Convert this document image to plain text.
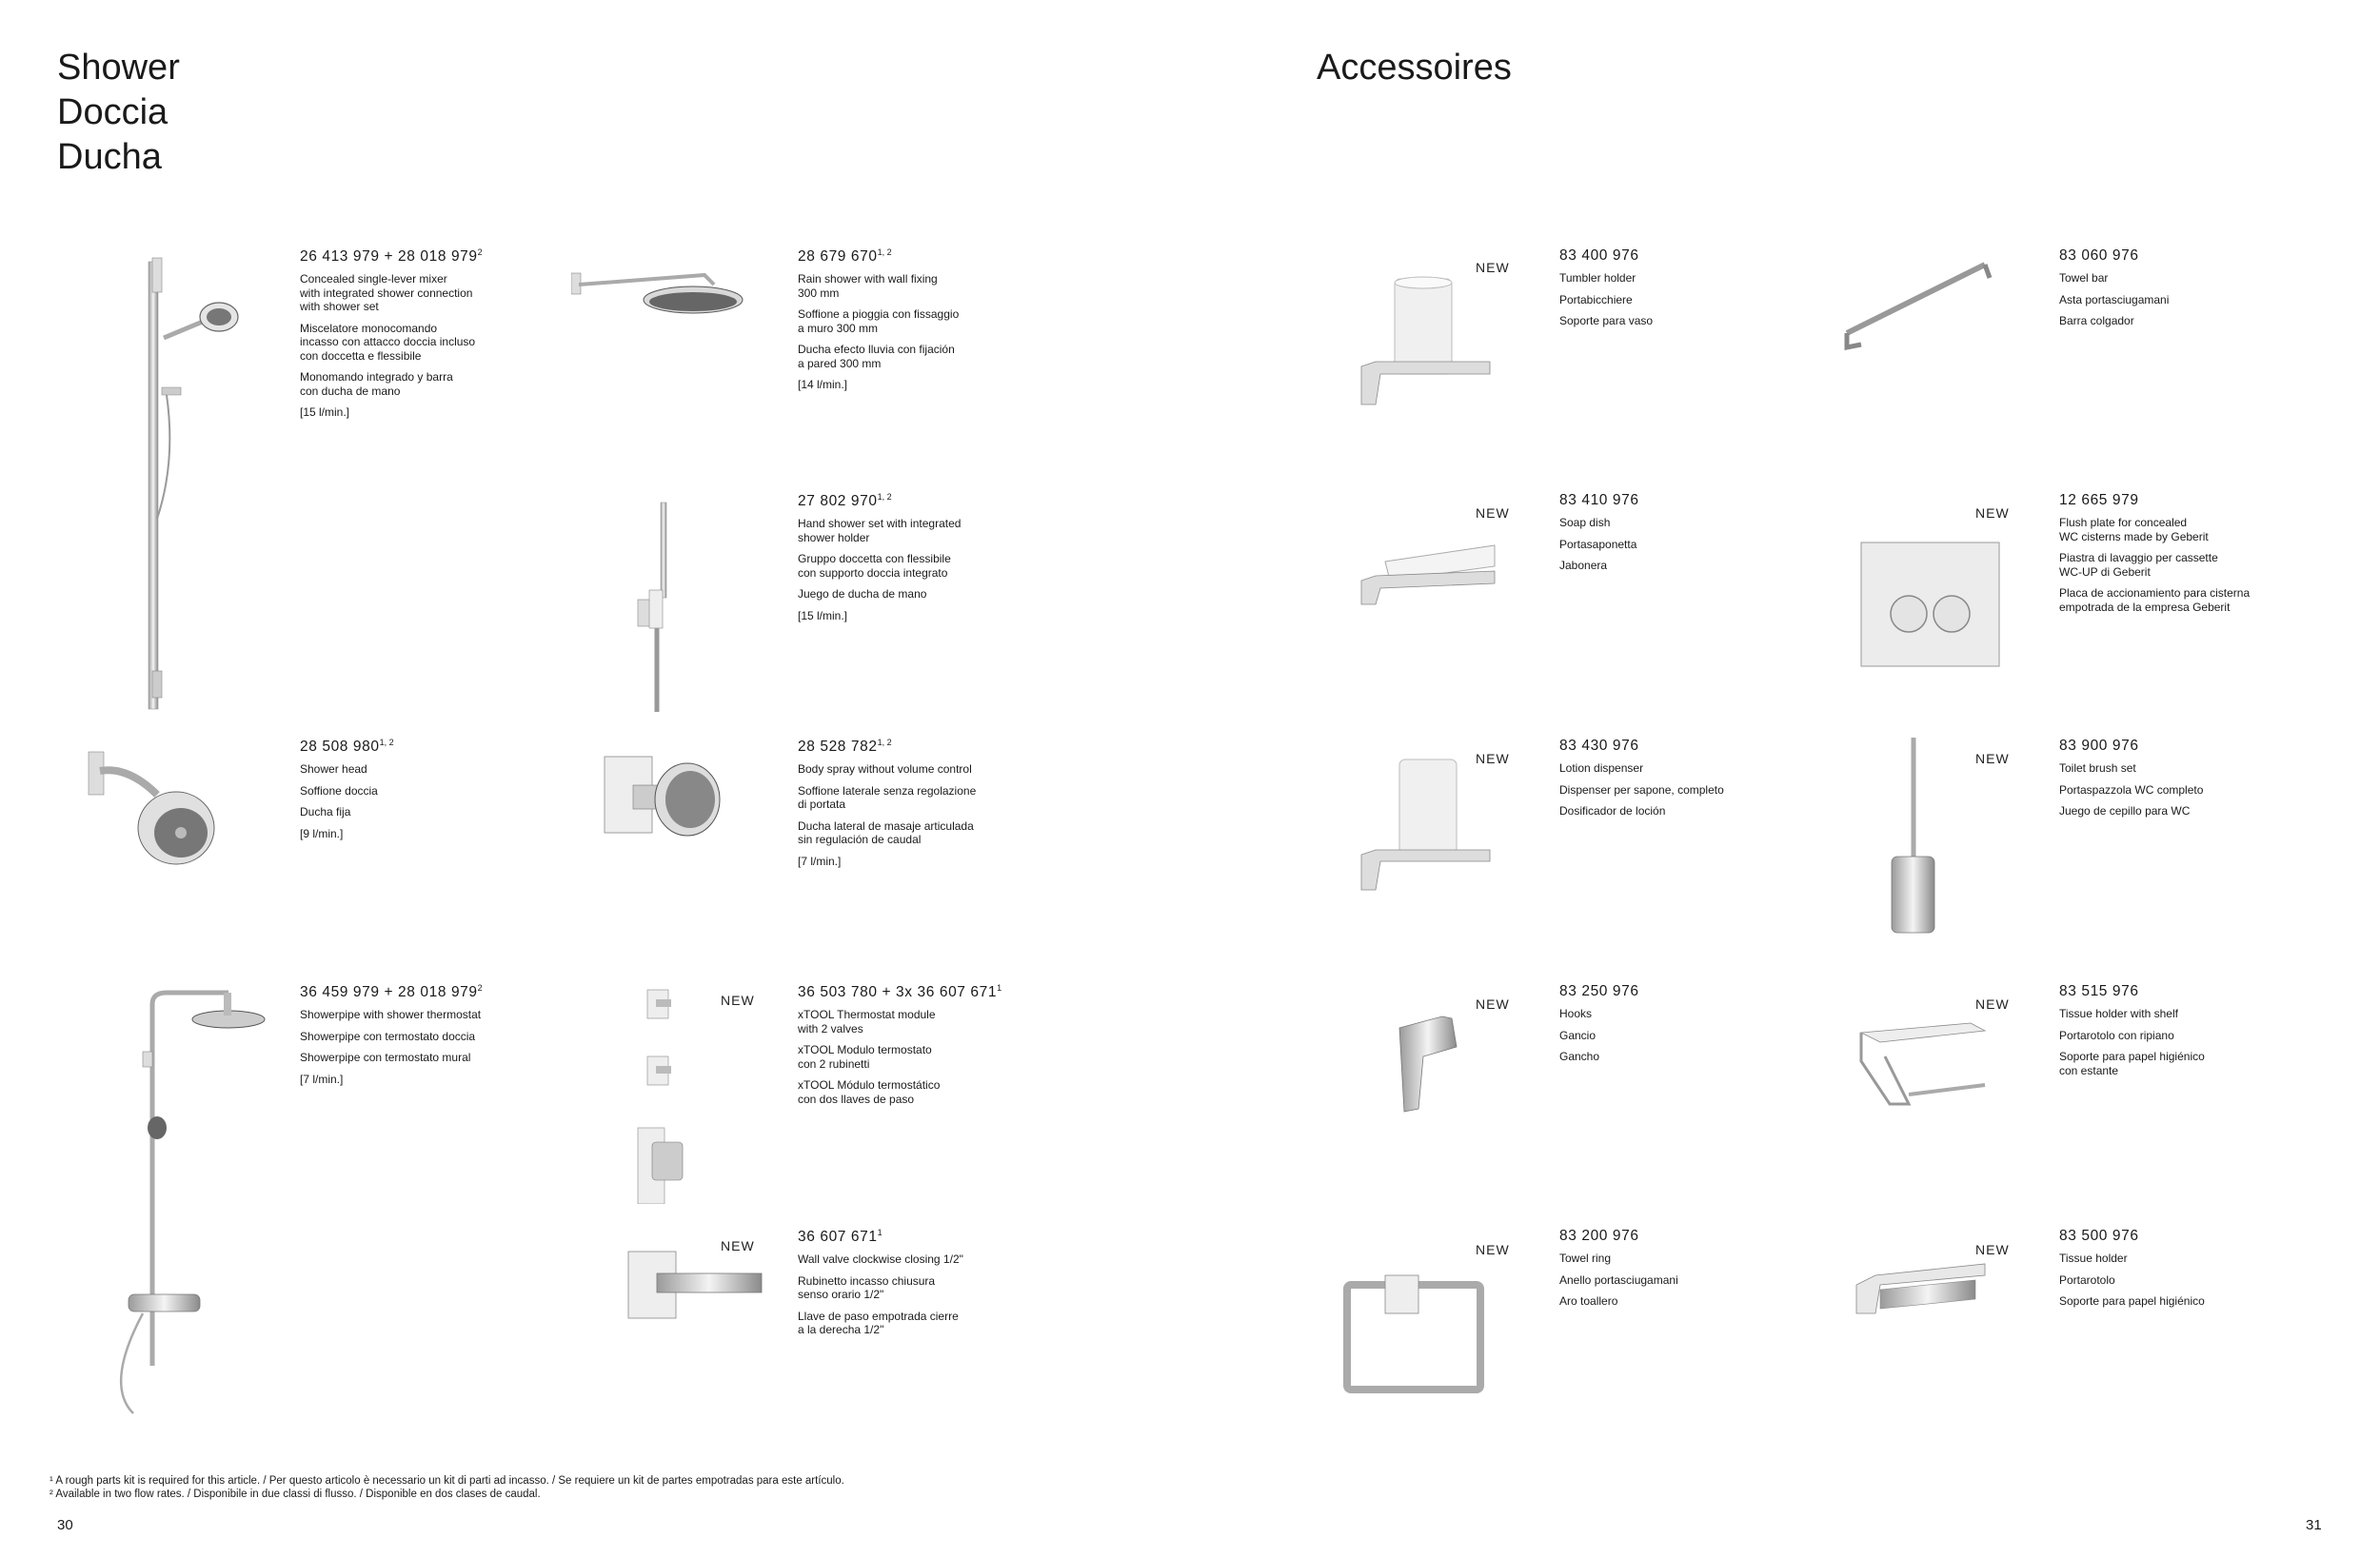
Shower
Doccia
Ducha
Accessoires
26 413 979 + 28 018 $979^2$
Concealed single-lever mixer
with integrated shower connection
with shower set
Miscelatore monocomando
incasso con attacco doccia incluso
con doccetta e flessibile
Monomando integrado y barra
con ducha de mano
[15 l/min.]
28 679 670$^{1, 2}$
Rain shower with wall fixing
300 mm
Soffione a pioggia con fissaggio
a muro 300 mm
Ducha efecto lluvia con fijación
a pared 300 mm
[14 l/min.]
27 802 970$^{1, 2}$
Hand shower set with integrated
shower holder
Gruppo doccetta con flessibile
con supporto doccia integrato
Juego de ducha de mano
[15 l/min.]
28 508 980$^{1, 2}$
Shower head
Soffione doccia
Ducha fija
[9 l/min.]
28 528 782$^{1, 2}$
Body spray without volume control
Soffione laterale senza regolazione
di portata
Ducha lateral de masaje articulada
sin regulación de caudal
[7 l/min.]
36 459 979 + 28 018 $979^2$
Showerpipe with shower thermostat
Showerpipe con termostato doccia
Showerpipe con termostato mural
[7 l/min.]
NEW	36 503 780 + 3x 36 607 $671^1$
xTOOL Thermostat module
with 2 valves
xTOOL Modulo termostato
con 2 rubinetti
xTOOL Módulo termostático
con dos llaves de paso
NEW
36 607 $671^1$
Wall valve clockwise closing 1/2"
Rubinetto incasso chiusura
senso orario 1/2"
Llave de paso empotrada cierre
a la derecha 1/2"
NEW
83 400 976
Tumbler holder
Portabicchiere
Soporte para vaso
83 060 976
Towel bar
Asta portasciugamani
Barra colgador
NEW
83 410 976
Soap dish
Portasaponetta
Jabonera
NEW
12 665 979
Flush plate for concealed
WC cisterns made by Geberit
Piastra di lavaggio per cassette
WC-UP di Geberit
Placa de accionamiento para cisterna
empotrada de la empresa Geberit
NEW
83 430 976
Lotion dispenser
Dispenser per sapone, completo
Dosificador de loción
NEW
83 900 976
Toilet brush set
Portaspazzola WC completo
Juego de cepillo para WC
NEW
83 250 976
Hooks
Gancio
Gancho
NEW
83 515 976
Tissue holder with shelf
Portarotolo con ripiano
Soporte para papel higiénico
con estante
NEW
83 200 976
Towel ring
Anello portasciugamani
Aro toallero
NEW
83 500 976
Tissue holder
Portarotolo
Soporte para papel higiénico
¹ A rough parts kit is required for this article. / Per questo articolo è necessario un kit di parti ad incasso. / Se requiere un kit de partes empotradas para este artículo.
² Available in two flow rates. / Disponibile in due classi di flusso. / Disponible en dos clases de caudal.
30	31
